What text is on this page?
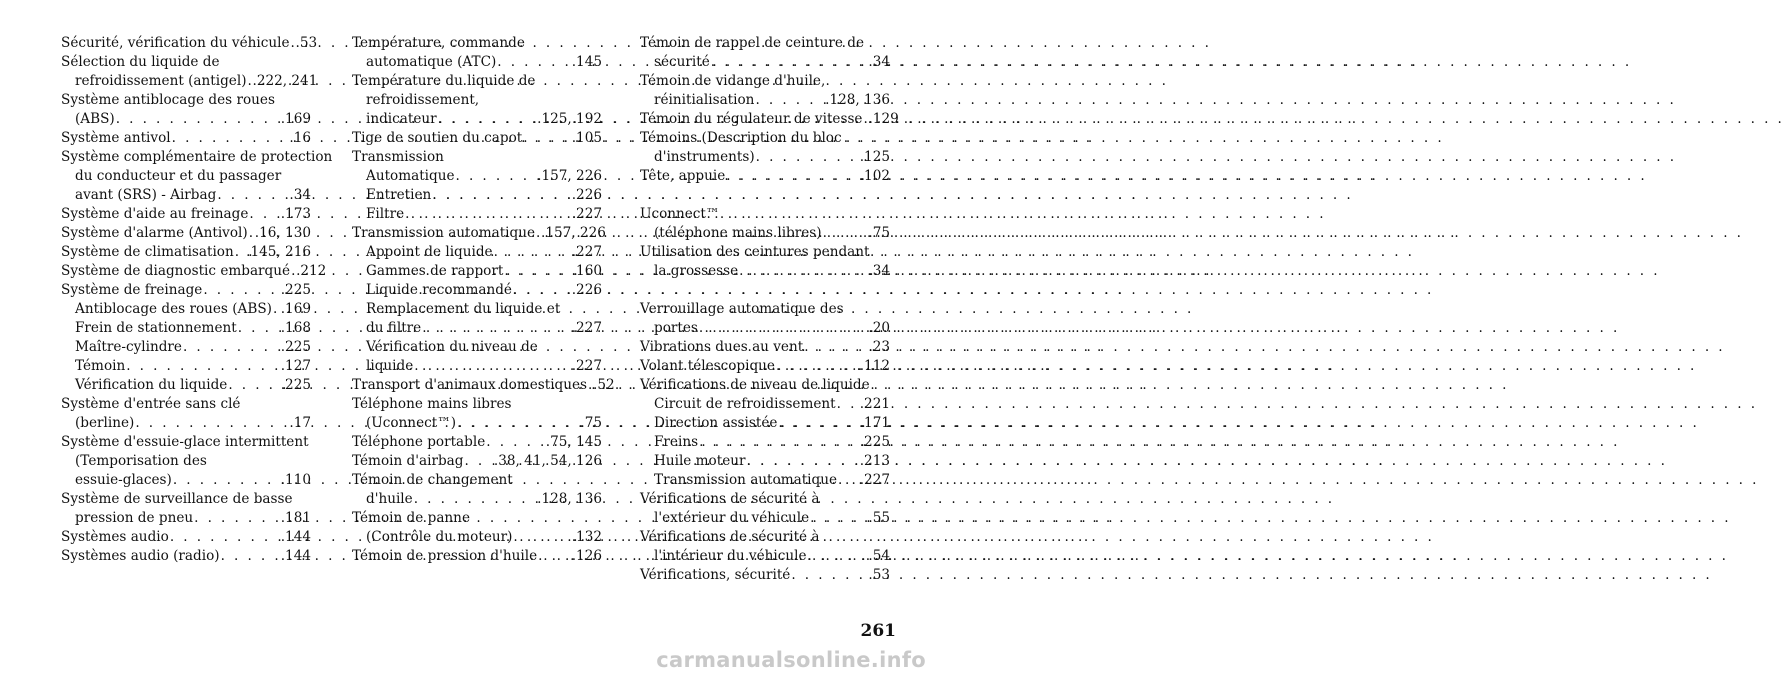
Sécurité, vérification du véhicule . . . .53
Sélection du liquide de
refroidissement (antigel) . . . .222, 241
Système antiblocage des roues
(ABS) . . .	.169
Système antivol . . .	.16
Système complémentaire de protection
du conducteur et du passager
avant (SRS) - Airbag . . .	.34
Système d'aide au freinage . . . .173
Système d'alarme (Antivol) . . . .16, 130
Système de climatisation . . . .145, 216
Système de diagnostic embarqué . . . .212
Système de freinage . . .	.225
Antiblocage des roues (ABS) . . . .169
Frein de stationnement . . .	.168
Maître-cylindre . . .	.225
Témoin . . .	.127
Vérification du liquide . . .	.225
Système d'entrée sans clé
(berline) . . .	.17
Système d'essuie-glace intermittent
(Temporisation des
essuie-glaces) . . .	.110
Système de surveillance de basse
pression de pneu . . .	.181
Systèmes audio . . .	.144
Systèmes audio (radio) . . .	.144
Température, commande
automatique (ATC) . . .	.145
Température du liquide de
refroidissement,
indicateur . . .	.125, 192
Tige de soutien du capot . . .	.105
Transmission
Automatique . . .	.157, 226
Entretien . . .	.226
Filtre . . .	.227
Transmission automatique . . . .157, 226
Appoint de liquide . . .	.227
Gammes de rapport . . .	.160
Liquide recommandé . . .	.226
Remplacement du liquide et
du filtre . . .	.227
Vérification du niveau de
liquide . . .	.227
Transport d'animaux domestiques . . . .52
Téléphone mains libres
(Uconnect™) . . .	.75
Téléphone portable . . .	.75, 145
Témoin d'airbag . . . .38, 41, 54, 126
Témoin de changement
d'huile . . .	.128, 136
Témoin de panne
(Contrôle du moteur) . . .	.132
Témoin de pression d'huile . . .	.126
Témoin de rappel de ceinture de
sécurité . . .	.34
Témoin de vidange d'huile,
réinitialisation . . .	.128, 136
Témoin du régulateur de vitesse . . . .129
Témoins (Description du bloc
d'instruments) . . .	.125
Tête, appuie . . .	.102
Uconnect™
(téléphone mains libres) . . .	.75
Utilisation des ceintures pendant
la grossesse . . .	.34
Verrouillage automatique des
portes . . .	.20
Vibrations dues au vent . . .	.23
Volant télescopique . . .	.112
Vérifications de niveau de liquide
Circuit de refroidissement . . . .221
Direction assistée . . .	.171
Freins . . .	.225
Huile moteur . . .	.213
Transmission automatique . . . .227
Vérifications de sécurité à
l'extérieur du véhicule . . .	.55
Vérifications de sécurité à
l'intérieur du véhicule . . .	.54
Vérifications, sécurité . . .	.53
261
carmanualsonline.info
